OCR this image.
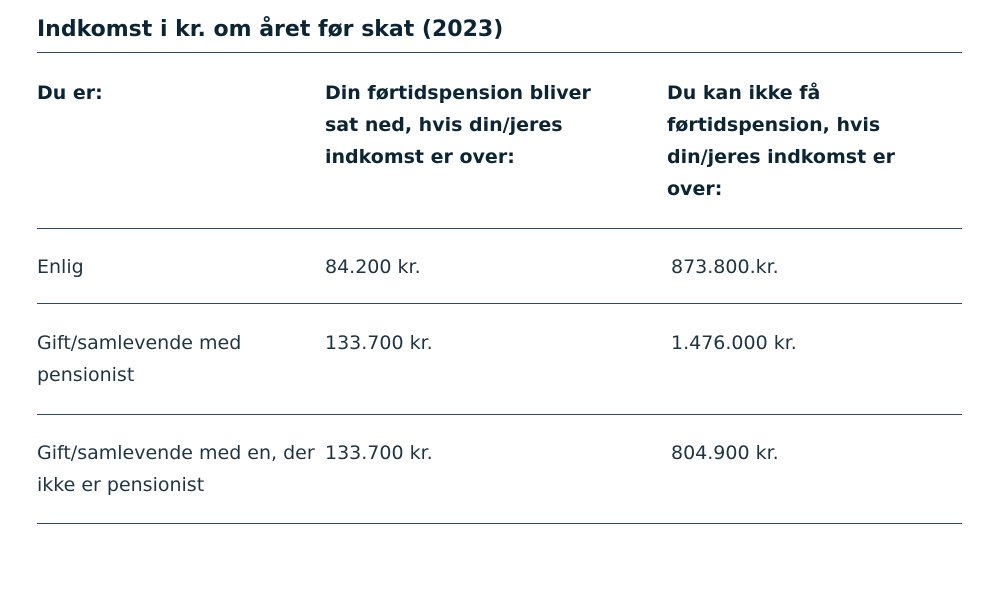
Indkomst i kr. om året før skat (2023)
Du er:	Din førtidspension bliver sat ned, hvis din/jeres indkomst er over:	Du kan ikke få førtidspension, hvis din/jeres indkomst er over:
Enlig	84.200 kr.	873.800.kr.
Gift/samlevende med pensionist	133.700 kr.	1.476.000 kr.
Gift/samlevende med en, der ikke er pensionist	133.700 kr.	804.900 kr.
